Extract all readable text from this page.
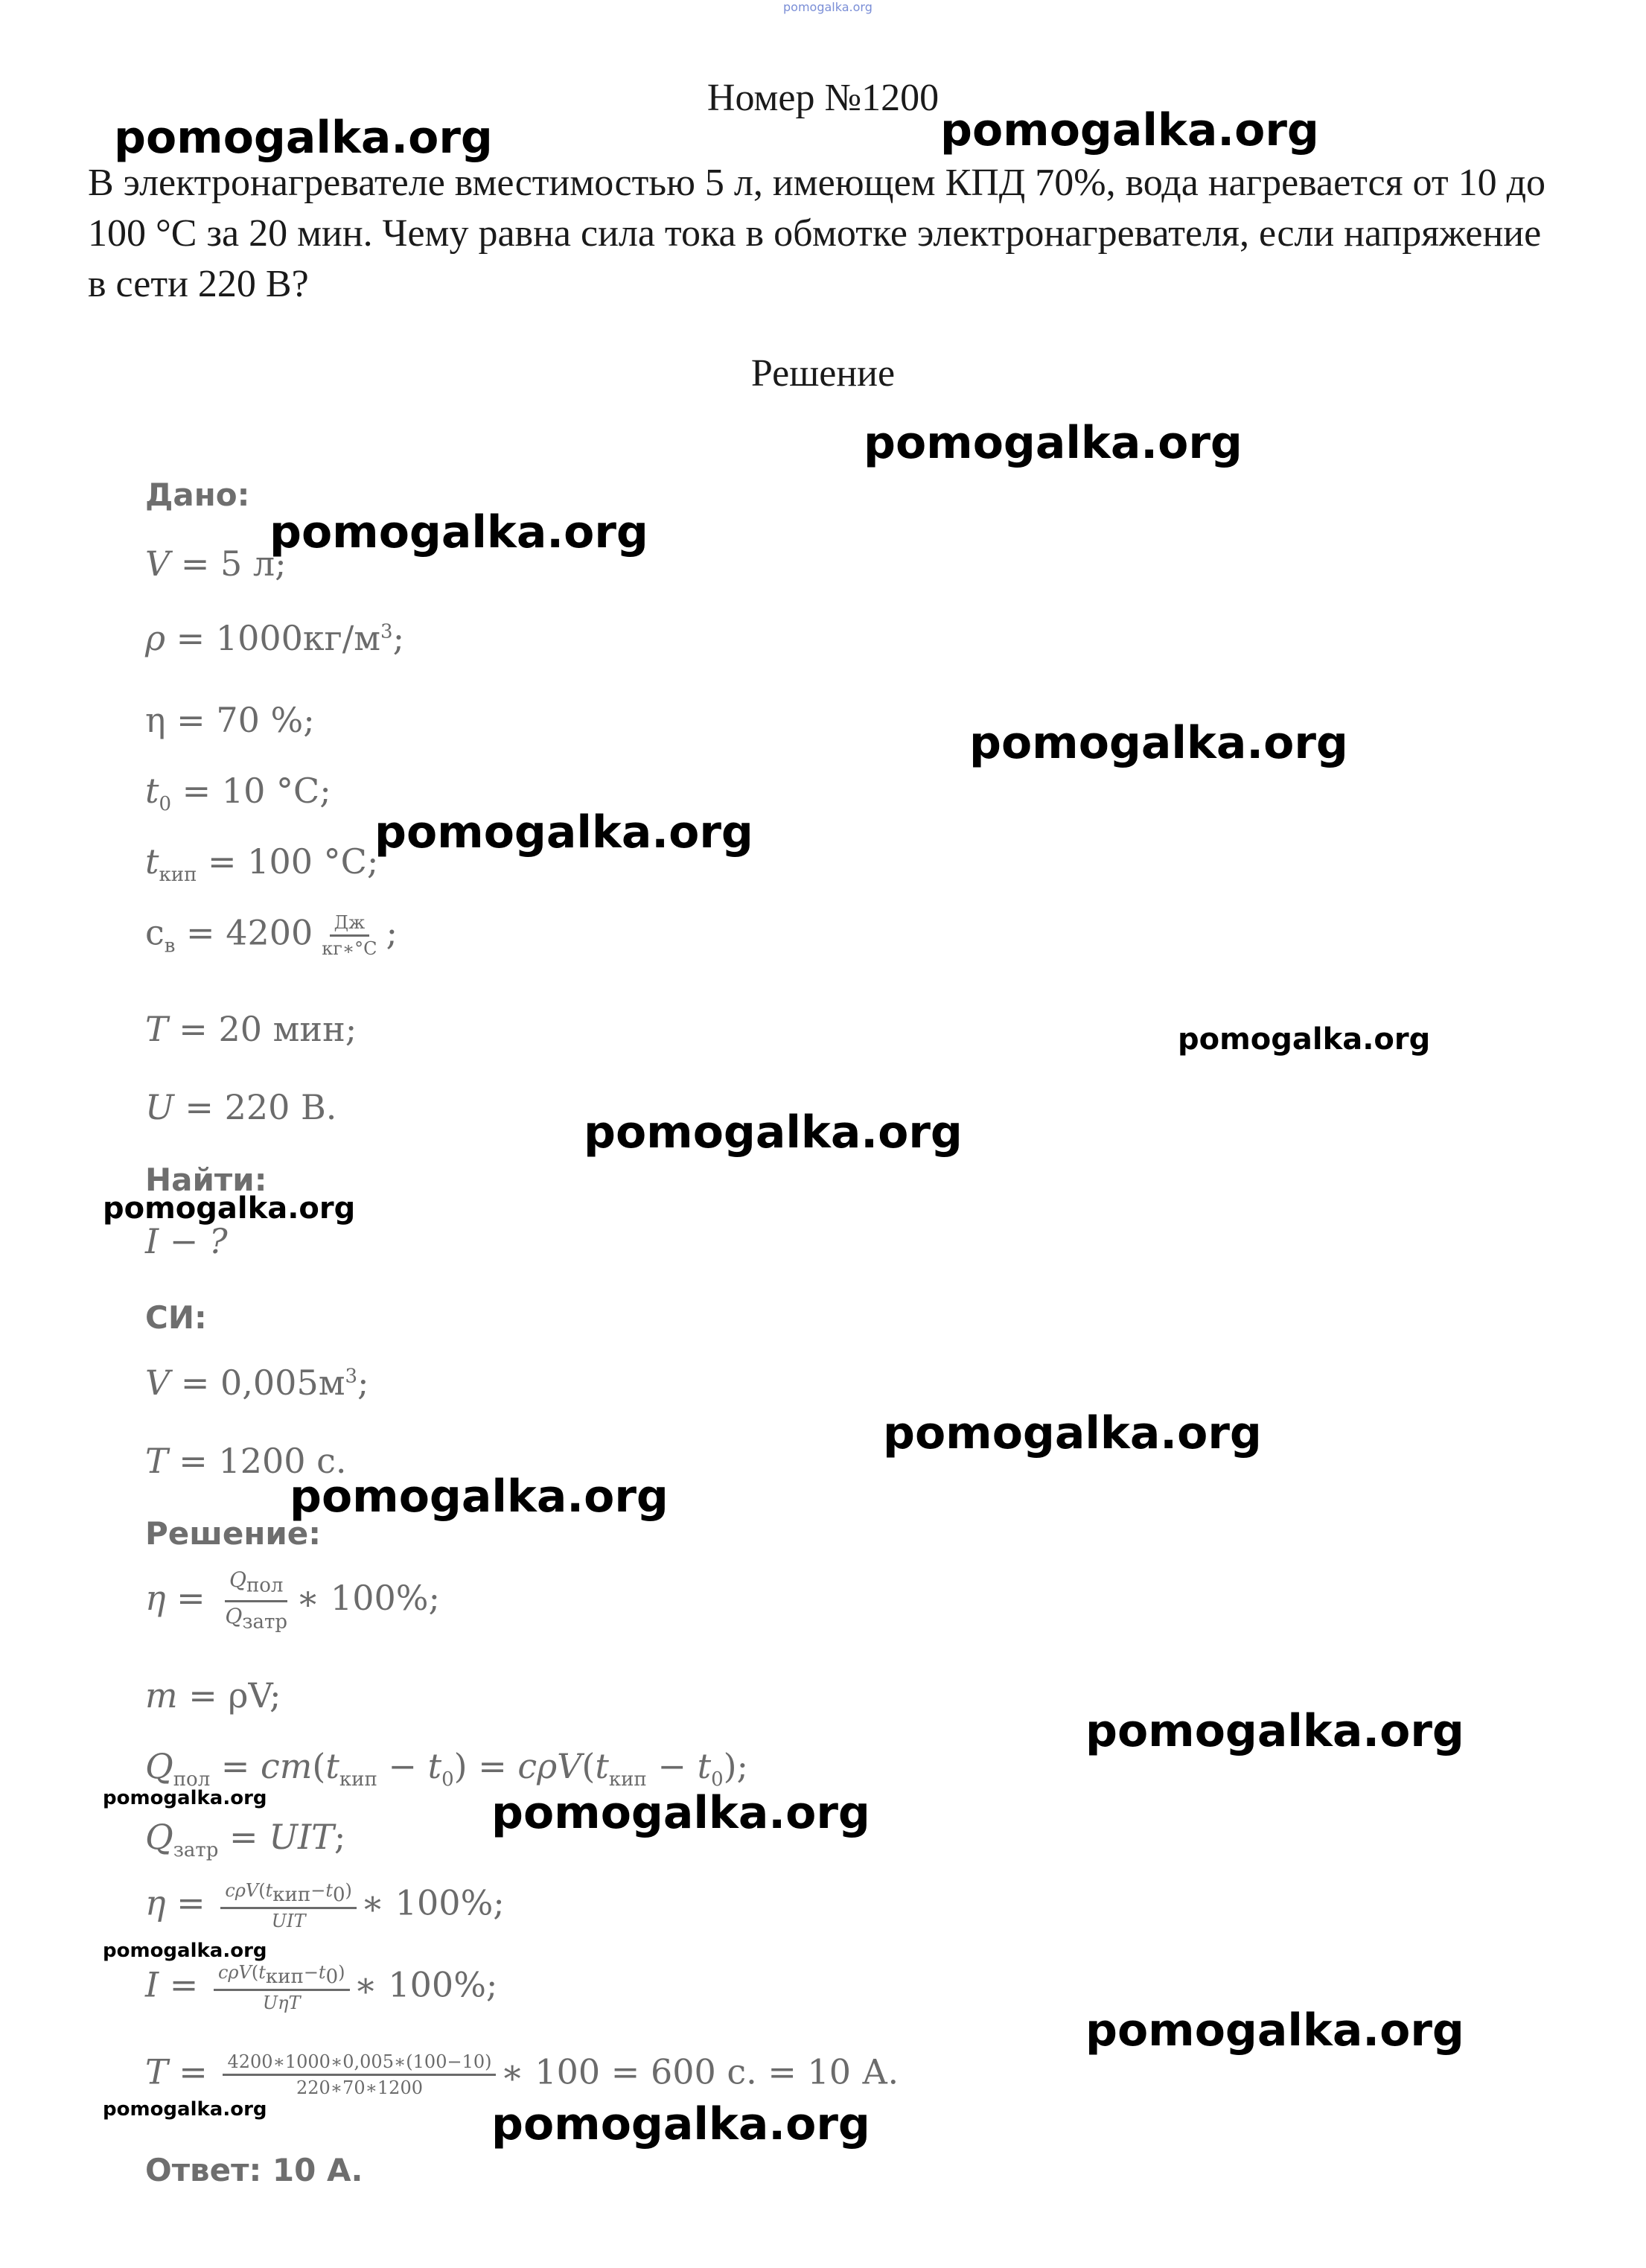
pomogalka.org
Номер №1200
В электронагревателе вместимостью 5 л, имеющем КПД 70%, вода нагревается от 10 до 100 °С за 20 мин. Чему равна сила тока в обмотке электронагревателя, если напряжение в сети 220 В?
Решение
Дано:
V = 5 л;
$\rho = 1000кг/м^3$;
η = 70 %;
$t_0 = 10$ °С;
$t_{кип} = 100$ °С;
$с_в = 4200 \frac{Дж}{кг∗^\circ С}$ ;
T = 20 мин;
U = 220 В.
Найти:
I − ?
СИ:
$V = 0,005м^3$;
T = 1200 с.
Решение:
$\eta = \frac{Q_{пол}}{Q_{затр}}$ ∗ 100%;
m = ρV;
$Q_{пол} = cm(t_{кип} - t_0) = c\rho V(t_{кип} - t_0)$;
$Q_{затр}$ = UIT;
$\eta = \frac{c\rho V(t_{кип}-t_0)}{\text{UIT}}$ ∗ 100%;
$I = \frac{c\rho V(t_{кип}-t_0)}{\text{UηT}}$ ∗ 100%;
$T = \frac{4200∗1000∗0,005∗(100-10)}{220∗70∗1200}$ ∗ 100 = 600 с. = 10 А.
Ответ: 10 А.
pomogalka.org	pomogalka.org
pomogalka.org
pomogalka.org
pomogalka.org
pomogalka.org
pomogalka.org
pomogalka.org
pomogalka.org
pomogalka.org
pomogalka.org
pomogalka.org
pomogalka.org	pomogalka.org
pomogalka.org
pomogalka.org
pomogalka.org	pomogalka.org
